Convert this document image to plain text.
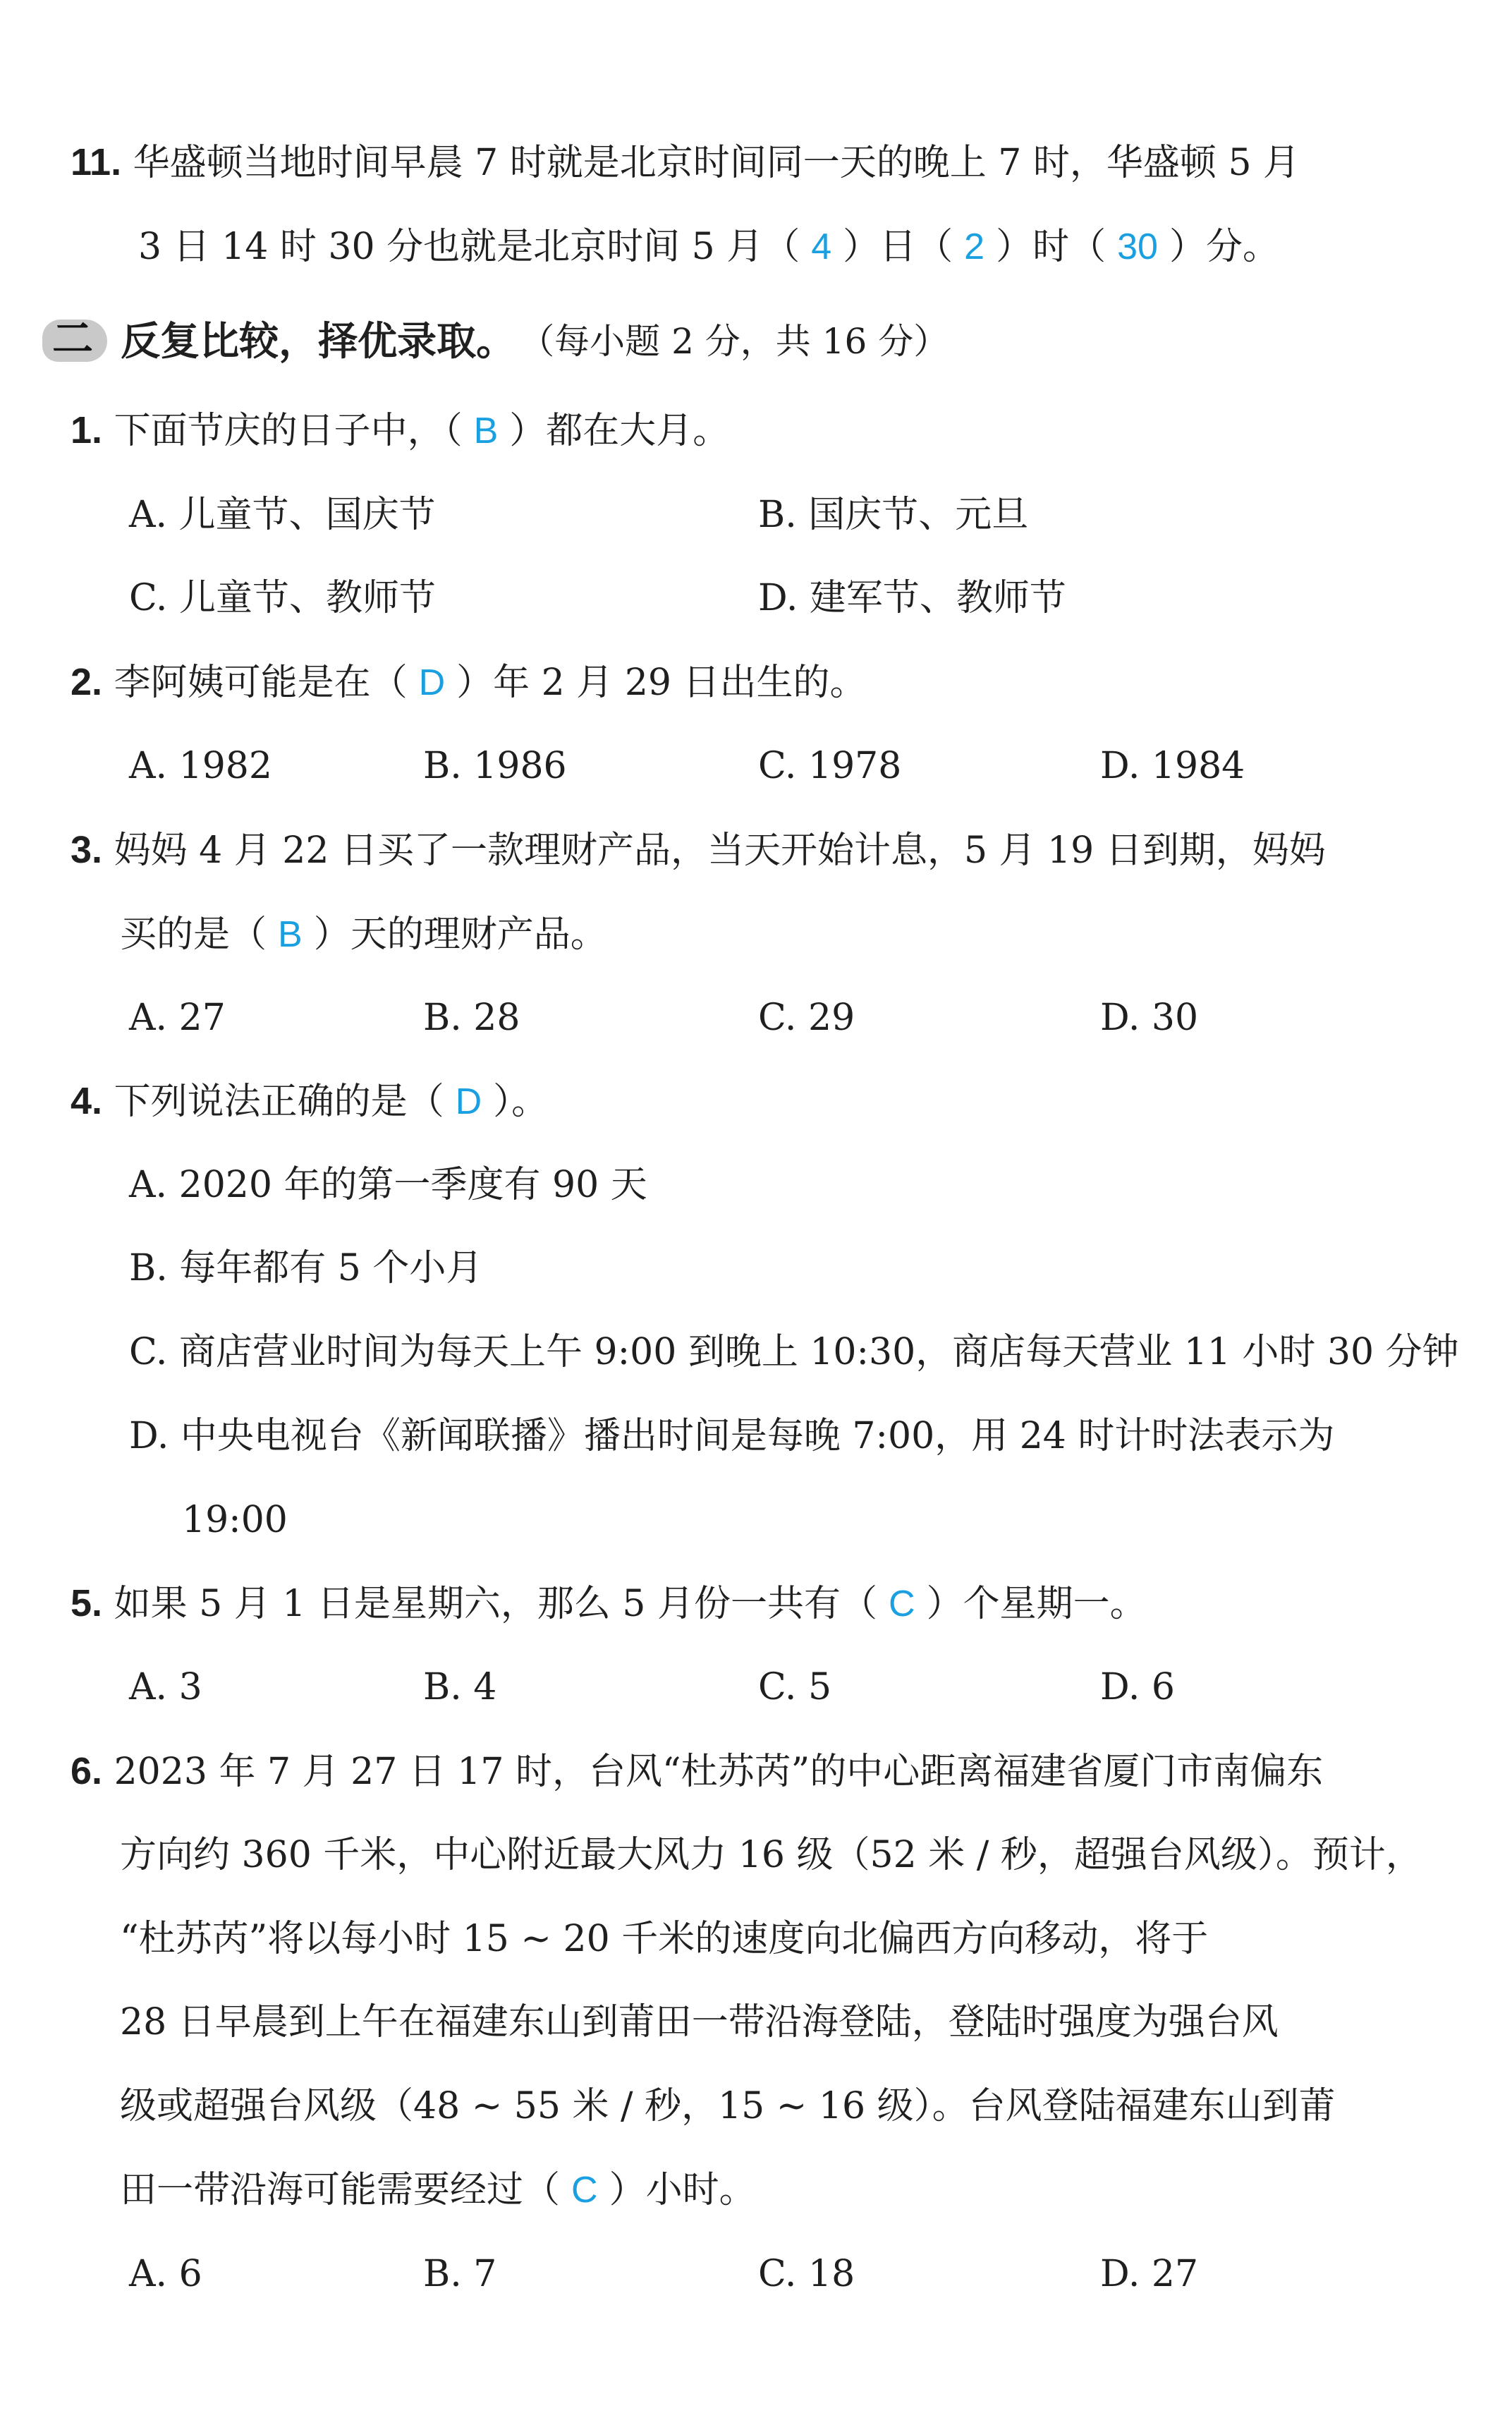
11. 华盛顿当地时间早晨 7 时就是北京时间同一天的晚上 7 时，华盛顿 5 月
3 日 14 时 30 分也就是北京时间 5 月（ 4 ）日（ 2 ）时（ 30 ）分。
二 反复比较，择优录取。 （每小题 2 分，共 16 分）
1. 下面节庆的日子中，（ B ）都在大月。
A. 儿童节、国庆节	B. 国庆节、元旦
C. 儿童节、教师节	D. 建军节、教师节
2. 李阿姨可能是在（ D ）年 2 月 29 日出生的。
A. 1982	B. 1986	C. 1978	D. 1984
3. 妈妈 4 月 22 日买了一款理财产品，当天开始计息，5 月 19 日到期，妈妈
买的是（ B ）天的理财产品。
A. 27	B. 28	C. 29	D. 30
4. 下列说法正确的是（ D ）。
A. 2020 年的第一季度有 90 天
B. 每年都有 5 个小月
C. 商店营业时间为每天上午 9:00 到晚上 10:30，商店每天营业 11 小时 30 分钟
D. 中央电视台《新闻联播》播出时间是每晚 7:00，用 24 时计时法表示为
19:00
5. 如果 5 月 1 日是星期六，那么 5 月份一共有（ C ）个星期一。
A. 3	B. 4	C. 5	D. 6
6. 2023 年 7 月 27 日 17 时，台风“杜苏芮”的中心距离福建省厦门市南偏东
方向约 360 千米，中心附近最大风力 16 级（52 米 / 秒，超强台风级）。预计，
“杜苏芮”将以每小时 15 ~ 20 千米的速度向北偏西方向移动，将于
28 日早晨到上午在福建东山到莆田一带沿海登陆，登陆时强度为强台风
级或超强台风级（48 ~ 55 米 / 秒，15 ~ 16 级）。台风登陆福建东山到莆
田一带沿海可能需要经过（ C ）小时。
A. 6	B. 7	C. 18	D. 27
